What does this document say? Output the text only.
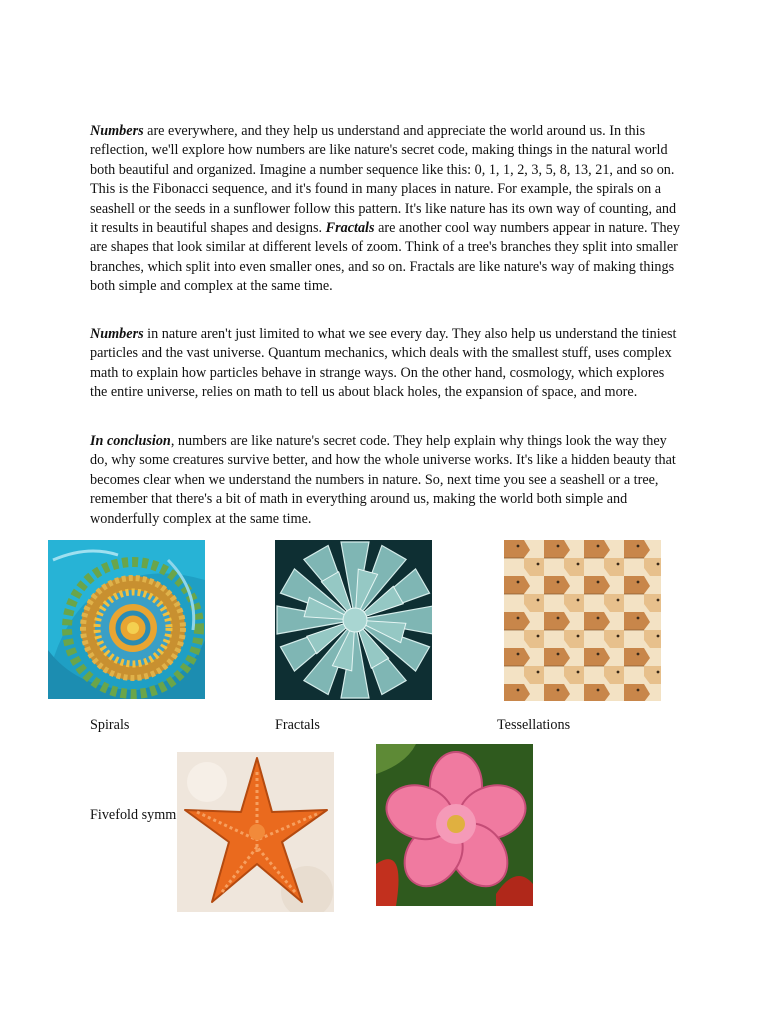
Numbers are everywhere, and they help us understand and appreciate the world around us. In this reflection, we'll explore how numbers are like nature's secret code, making things in the natural world both beautiful and organized. Imagine a number sequence like this: 0, 1, 1, 2, 3, 5, 8, 13, 21, and so on. This is the Fibonacci sequence, and it's found in many places in nature. For example, the spirals on a seashell or the seeds in a sunflower follow this pattern. It's like nature has its own way of counting, and it results in beautiful shapes and designs. Fractals are another cool way numbers appear in nature. They are shapes that look similar at different levels of zoom. Think of a tree's branches they split into smaller branches, which split into even smaller ones, and so on. Fractals are like nature's way of making things both simple and complex at the same time.

Numbers in nature aren't just limited to what we see every day. They also help us understand the tiniest particles and the vast universe. Quantum mechanics, which deals with the smallest stuff, uses complex math to explain how particles behave in strange ways. On the other hand, cosmology, which explores the entire universe, relies on math to tell us about black holes, the expansion of space, and more.

In conclusion, numbers are like nature's secret code. They help explain why things look the way they do, why some creatures survive better, and how the whole universe works. It's like a hidden beauty that becomes clear when we understand the numbers in nature. So, next time you see a seashell or a tree, remember that there's a bit of math in everything around us, making the world both simple and wonderfully complex at the same time.

Spirals	Fractals	Tessellations
Fivefold symm
